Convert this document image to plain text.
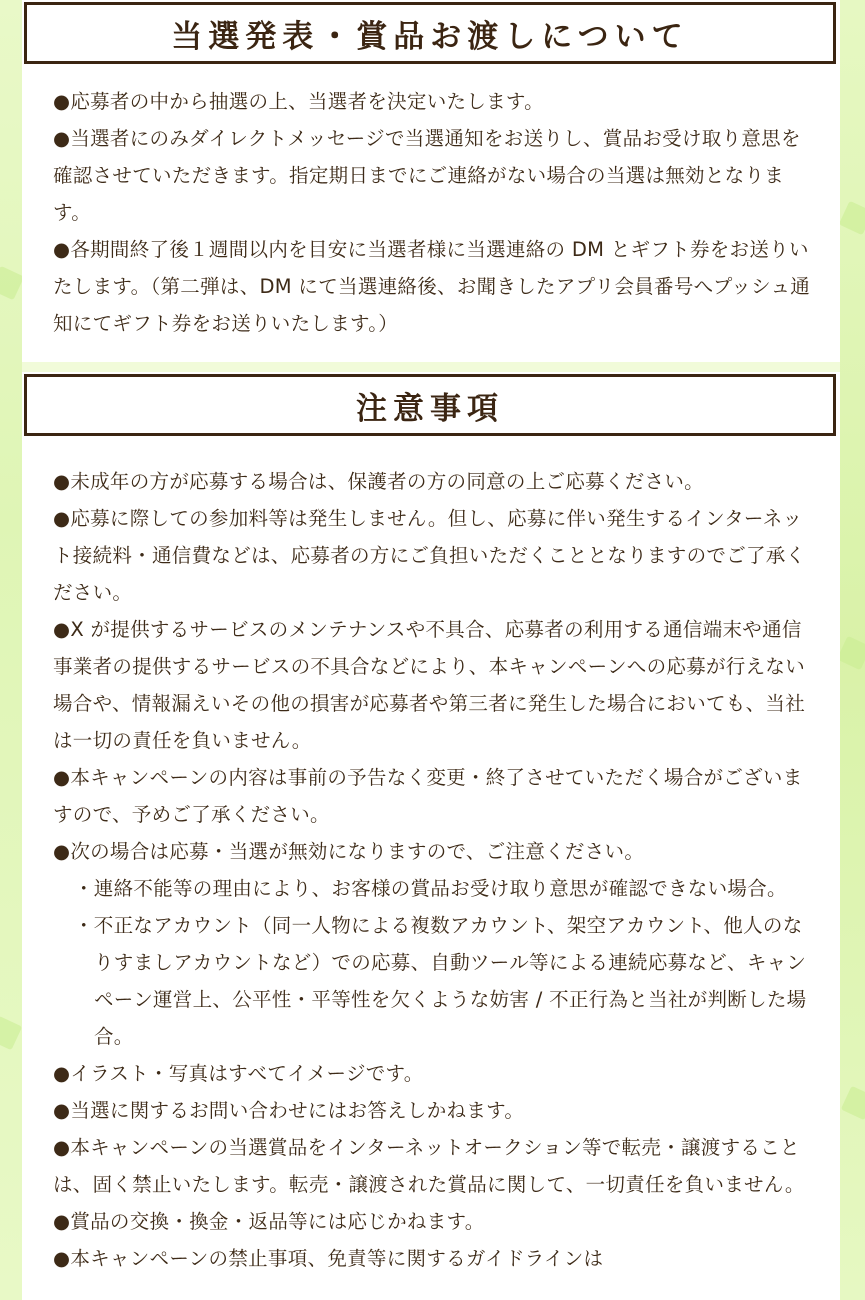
当選発表・賞品お渡しについて

●応募者の中から抽選の上、当選者を決定いたします。

●当選者にのみダイレクトメッセージで当選通知をお送りし、賞品お受け取り意思を確認させていただきます。指定期日までにご連絡がない場合の当選は無効となります。

●各期間終了後１週間以内を目安に当選者様に当選連絡の DM とギフト券をお送りいたします。（第二弾は、DM にて当選連絡後、お聞きしたアプリ会員番号へプッシュ通知にてギフト券をお送りいたします。）

注意事項

●未成年の方が応募する場合は、保護者の方の同意の上ご応募ください。

●応募に際しての参加料等は発生しません。但し、応募に伴い発生するインターネット接続料・通信費などは、応募者の方にご負担いただくこととなりますのでご了承ください。

●X が提供するサービスのメンテナンスや不具合、応募者の利用する通信端末や通信事業者の提供するサービスの不具合などにより、本キャンペーンへの応募が行えない場合や、情報漏えいその他の損害が応募者や第三者に発生した場合においても、当社は一切の責任を負いません。

●本キャンペーンの内容は事前の予告なく変更・終了させていただく場合がございますので、予めご了承ください。

●次の場合は応募・当選が無効になりますので、ご注意ください。

・連絡不能等の理由により、お客様の賞品お受け取り意思が確認できない場合。

・不正なアカウント（同一人物による複数アカウント、架空アカウント、他人のなりすましアカウントなど）での応募、自動ツール等による連続応募など、キャンペーン運営上、公平性・平等性を欠くような妨害 / 不正行為と当社が判断した場合。

●イラスト・写真はすべてイメージです。

●当選に関するお問い合わせにはお答えしかねます。

●本キャンペーンの当選賞品をインターネットオークション等で転売・譲渡することは、固く禁止いたします。転売・譲渡された賞品に関して、一切責任を負いません。

●賞品の交換・換金・返品等には応じかねます。

●本キャンペーンの禁止事項、免責等に関するガイドラインは
